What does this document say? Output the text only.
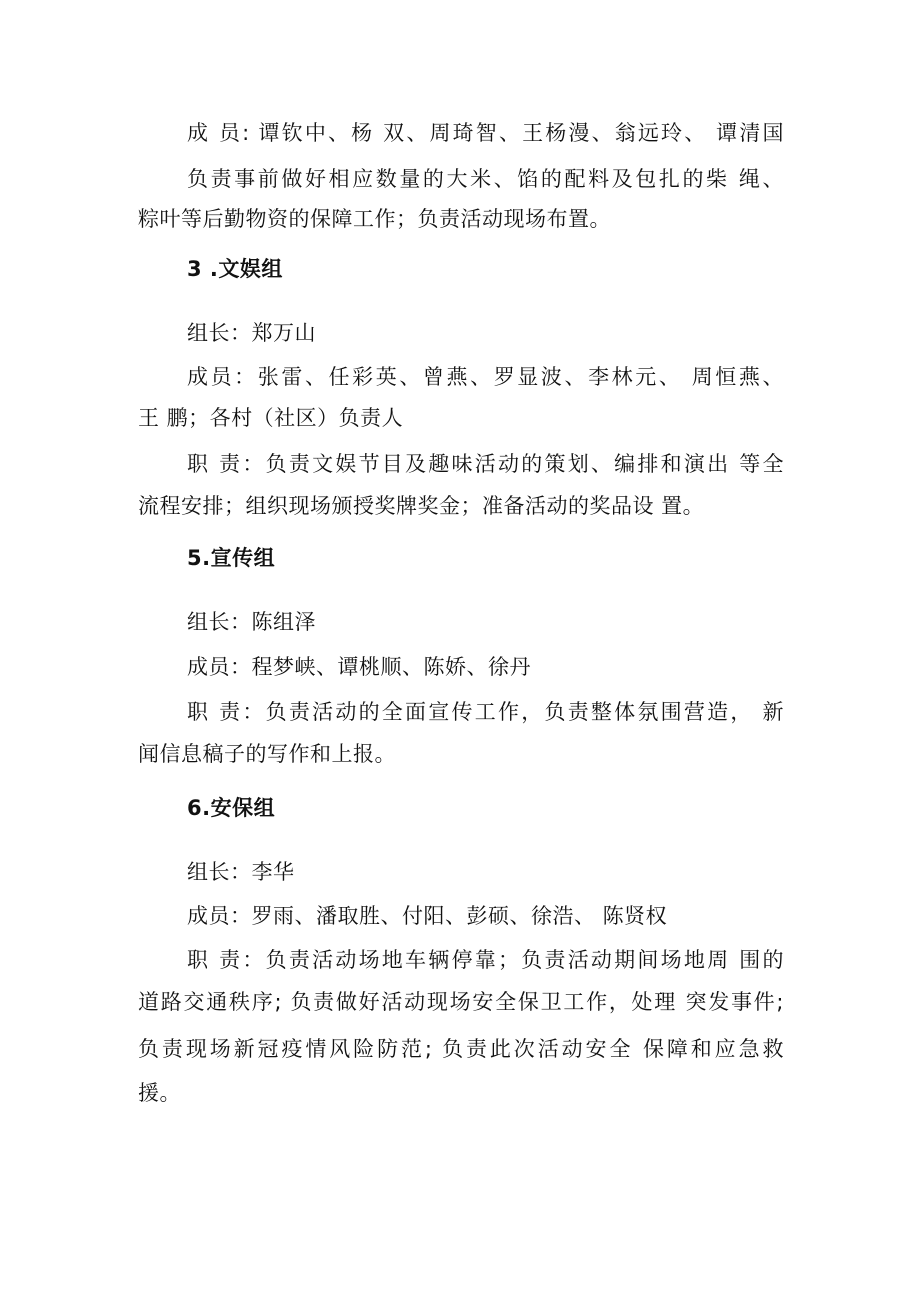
成 员: 谭钦中、杨 双、周琦智、王杨漫、翁远玲、 谭清国
负责事前做好相应数量的大米、馅的配料及包扎的柴 绳、
粽叶等后勤物资的保障工作；负责活动现场布置。
3 .文娱组
组长：郑万山
成员：张雷、任彩英、曾燕、罗显波、李林元、 周恒燕、
王 鹏；各村（社区）负责人
职 责：负责文娱节目及趣味活动的策划、编排和演出 等全
流程安排；组织现场颁授奖牌奖金；准备活动的奖品设 置。
5.宣传组
组长：陈组泽
成员：程梦峡、谭桃顺、陈娇、徐丹
职 责：负责活动的全面宣传工作，负责整体氛围营造， 新
闻信息稿子的写作和上报。
6.安保组
组长：李华
成员：罗雨、潘取胜、付阳、彭硕、徐浩、 陈贤权
职 责：负责活动场地车辆停靠；负责活动期间场地周 围的
道路交通秩序; 负责做好活动现场安全保卫工作，处理 突发事件;
负责现场新冠疫情风险防范; 负责此次活动安全 保障和应急救
援。
